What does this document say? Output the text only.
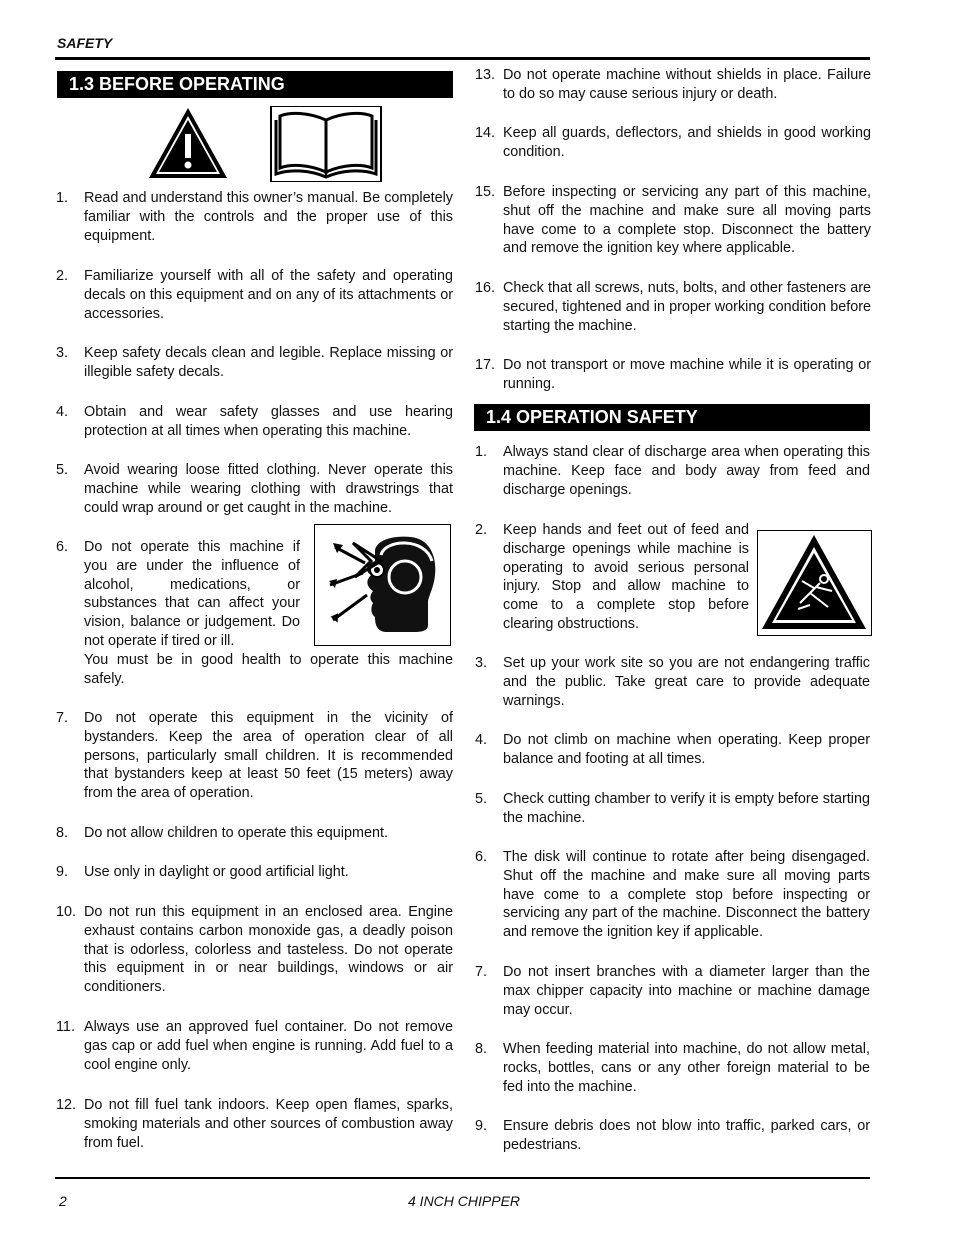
SAFETY
1.3 BEFORE OPERATING
1. Read and understand this owner’s manual. Be completely familiar with the controls and the proper use of this equipment.
2. Familiarize yourself with all of the safety and operating decals on this equipment and on any of its attachments or accessories.
3. Keep safety decals clean and legible. Replace missing or illegible safety decals.
4. Obtain and wear safety glasses and use hearing protection at all times when operating this machine.
5. Avoid wearing loose fitted clothing. Never operate this machine while wearing clothing with drawstrings that could wrap around or get caught in the machine.
6. Do not operate this machine if you are under the influence of alcohol, medications, or substances that can affect your vision, balance or judgement. Do not operate if tired or ill.
You must be in good health to operate this machine safely.
7. Do not operate this equipment in the vicinity of bystanders. Keep the area of operation clear of all persons, particularly small children. It is recommended that bystanders keep at least 50 feet (15 meters) away from the area of operation.
8. Do not allow children to operate this equipment.
9. Use only in daylight or good artificial light.
10. Do not run this equipment in an enclosed area. Engine exhaust contains carbon monoxide gas, a deadly poison that is odorless, colorless and tasteless. Do not operate this equipment in or near buildings, windows or air conditioners.
11. Always use an approved fuel container. Do not remove gas cap or add fuel when engine is running. Add fuel to a cool engine only.
12. Do not fill fuel tank indoors. Keep open flames, sparks, smoking materials and other sources of combustion away from fuel.
13. Do not operate machine without shields in place. Failure to do so may cause serious injury or death.
14. Keep all guards, deflectors, and shields in good working condition.
15. Before inspecting or servicing any part of this machine, shut off the machine and make sure all moving parts have come to a complete stop. Disconnect the battery and remove the ignition key where applicable.
16. Check that all screws, nuts, bolts, and other fasteners are secured, tightened and in proper working condition before starting the machine.
17. Do not transport or move machine while it is operating or running.
1.4 OPERATION SAFETY
1. Always stand clear of discharge area when operating this machine. Keep face and body away from feed and discharge openings.
2. Keep hands and feet out of feed and discharge openings while machine is operating to avoid serious personal injury. Stop and allow machine to come to a complete stop before clearing obstructions.
3. Set up your work site so you are not endangering traffic and the public. Take great care to provide adequate warnings.
4. Do not climb on machine when operating. Keep proper balance and footing at all times.
5. Check cutting chamber to verify it is empty before starting the machine.
6. The disk will continue to rotate after being disengaged. Shut off the machine and make sure all moving parts have come to a complete stop before inspecting or servicing any part of the machine. Disconnect the battery and remove the ignition key if applicable.
7. Do not insert branches with a diameter larger than the max chipper capacity into machine or machine damage may occur.
8. When feeding material into machine, do not allow metal, rocks, bottles, cans or any other foreign material to be fed into the machine.
9. Ensure debris does not blow into traffic, parked cars, or pedestrians.
2	4 INCH CHIPPER
